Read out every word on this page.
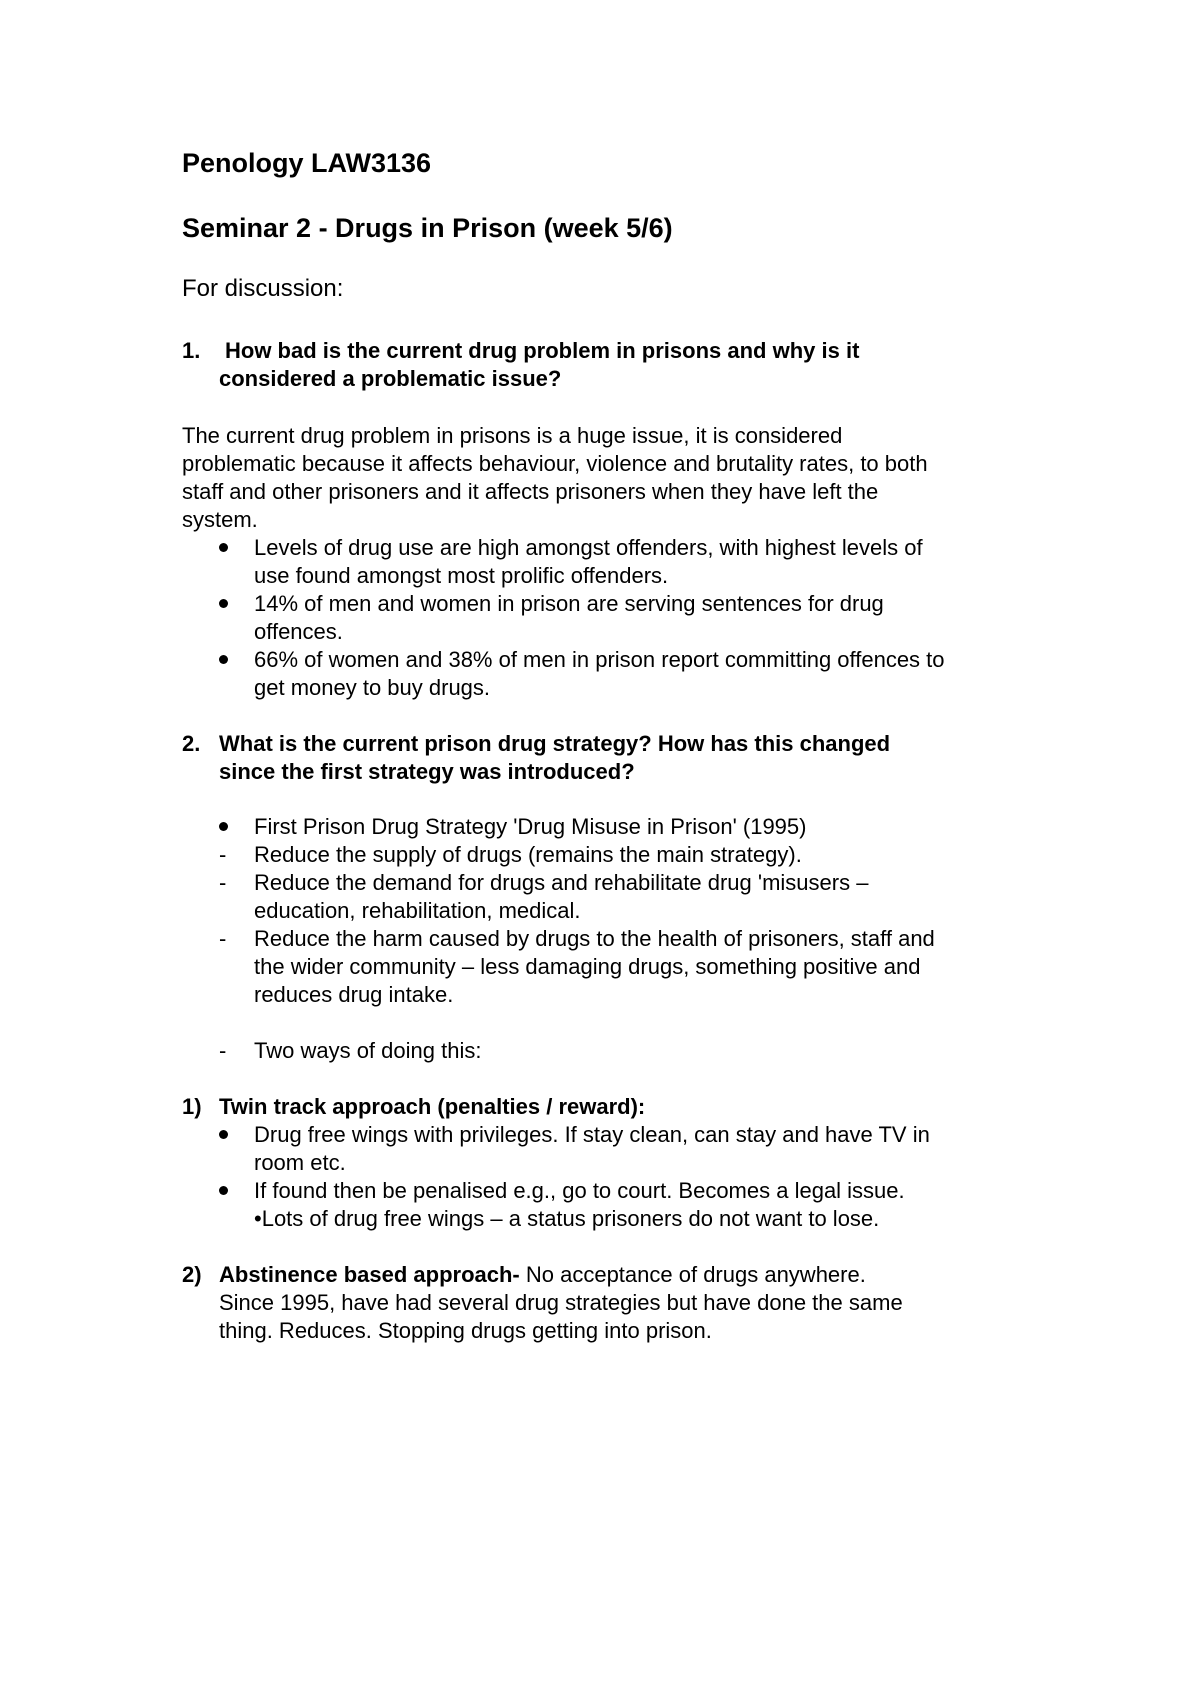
Penology LAW3136
Seminar 2 - Drugs in Prison (week 5/6)
For discussion:
1. How bad is the current drug problem in prisons and why is it
considered a problematic issue?
The current drug problem in prisons is a huge issue, it is considered
problematic because it affects behaviour, violence and brutality rates, to both
staff and other prisoners and it affects prisoners when they have left the
system.
Levels of drug use are high amongst offenders, with highest levels of
use found amongst most prolific offenders.
14% of men and women in prison are serving sentences for drug
offences.
66% of women and 38% of men in prison report committing offences to
get money to buy drugs.
2. What is the current prison drug strategy? How has this changed
since the first strategy was introduced?
First Prison Drug Strategy 'Drug Misuse in Prison' (1995)
- Reduce the supply of drugs (remains the main strategy).
- Reduce the demand for drugs and rehabilitate drug 'misusers –
education, rehabilitation, medical.
- Reduce the harm caused by drugs to the health of prisoners, staff and
the wider community – less damaging drugs, something positive and
reduces drug intake.
- Two ways of doing this:
1) Twin track approach (penalties / reward):
Drug free wings with privileges. If stay clean, can stay and have TV in
room etc.
If found then be penalised e.g., go to court. Becomes a legal issue.
•Lots of drug free wings – a status prisoners do not want to lose.
2) Abstinence based approach- No acceptance of drugs anywhere.
Since 1995, have had several drug strategies but have done the same
thing. Reduces. Stopping drugs getting into prison.
